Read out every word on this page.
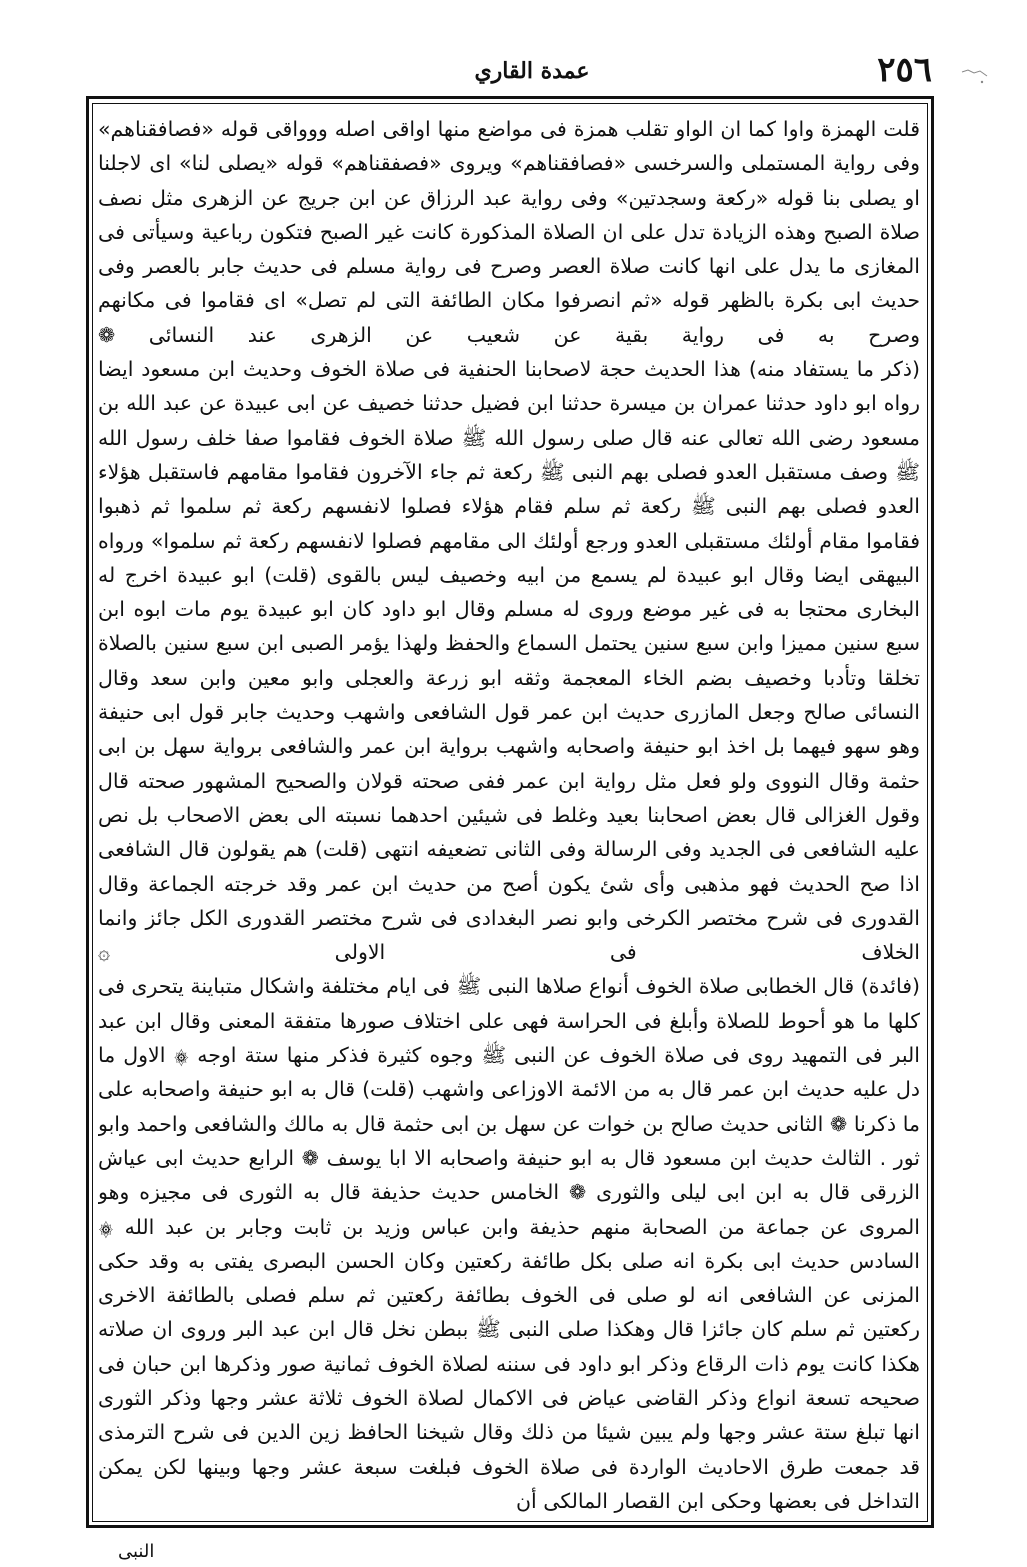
٢٥٦
عمدة القاري

قلت الهمزة واوا كما ان الواو تقلب همزة فى مواضع منها اواقى اصله ووواقى قوله «فصافقناهم» وفى رواية المستملى والسرخسى «فصافقناهم» ويروى «فصفقناهم» قوله «يصلى لنا» اى لاجلنا او يصلى بنا قوله «ركعة وسجدتين» وفى رواية عبد الرزاق عن ابن جريج عن الزهرى مثل نصف صلاة الصبح وهذه الزيادة تدل على ان الصلاة المذكورة كانت غير الصبح فتكون رباعية وسيأتى فى المغازى ما يدل على انها كانت صلاة العصر وصرح فى رواية مسلم فى حديث جابر بالعصر وفى حديث ابى بكرة بالظهر قوله «ثم انصرفوا مكان الطائفة التى لم تصل» اى فقاموا فى مكانهم وصرح به فى رواية بقية عن شعيب عن الزهرى عند النسائى ❁

(ذكر ما يستفاد منه) هذا الحديث حجة لاصحابنا الحنفية فى صلاة الخوف وحديث ابن مسعود ايضا رواه ابو داود حدثنا عمران بن ميسرة حدثنا ابن فضيل حدثنا خصيف عن ابى عبيدة عن عبد الله بن مسعود رضى الله تعالى عنه قال صلى رسول الله ﷺ صلاة الخوف فقاموا صفا خلف رسول الله ﷺ وصف مستقبل العدو فصلى بهم النبى ﷺ ركعة ثم جاء الآخرون فقاموا مقامهم فاستقبل هؤلاء العدو فصلى بهم النبى ﷺ ركعة ثم سلم فقام هؤلاء فصلوا لانفسهم ركعة ثم سلموا ثم ذهبوا فقاموا مقام أولئك مستقبلى العدو ورجع أولئك الى مقامهم فصلوا لانفسهم ركعة ثم سلموا» ورواه البيهقى ايضا وقال ابو عبيدة لم يسمع من ابيه وخصيف ليس بالقوى (قلت) ابو عبيدة اخرج له البخارى محتجا به فى غير موضع وروى له مسلم وقال ابو داود كان ابو عبيدة يوم مات ابوه ابن سبع سنين مميزا وابن سبع سنين يحتمل السماع والحفظ ولهذا يؤمر الصبى ابن سبع سنين بالصلاة تخلقا وتأدبا وخصيف بضم الخاء المعجمة وثقه ابو زرعة والعجلى وابو معين وابن سعد وقال النسائى صالح وجعل المازرى حديث ابن عمر قول الشافعى واشهب وحديث جابر قول ابى حنيفة وهو سهو فيهما بل اخذ ابو حنيفة واصحابه واشهب برواية ابن عمر والشافعى برواية سهل بن ابى حثمة وقال النووى ولو فعل مثل رواية ابن عمر ففى صحته قولان والصحيح المشهور صحته قال وقول الغزالى قال بعض اصحابنا بعيد وغلط فى شيئين احدهما نسبته الى بعض الاصحاب بل نص عليه الشافعى فى الجديد وفى الرسالة وفى الثانى تضعيفه انتهى (قلت) هم يقولون قال الشافعى اذا صح الحديث فهو مذهبى وأى شئ يكون أصح من حديث ابن عمر وقد خرجته الجماعة وقال القدورى فى شرح مختصر الكرخى وابو نصر البغدادى فى شرح مختصر القدورى الكل جائز وانما الخلاف فى الاولى ۞

(فائدة) قال الخطابى صلاة الخوف أنواع صلاها النبى ﷺ فى ايام مختلفة واشكال متباينة يتحرى فى كلها ما هو أحوط للصلاة وأبلغ فى الحراسة فهى على اختلاف صورها متفقة المعنى وقال ابن عبد البر فى التمهيد روى فى صلاة الخوف عن النبى ﷺ وجوه كثيرة فذكر منها ستة اوجه ۞ الاول ما دل عليه حديث ابن عمر قال به من الائمة الاوزاعى واشهب (قلت) قال به ابو حنيفة واصحابه على ما ذكرنا ❁ الثانى حديث صالح بن خوات عن سهل بن ابى حثمة قال به مالك والشافعى واحمد وابو ثور . الثالث حديث ابن مسعود قال به ابو حنيفة واصحابه الا ابا يوسف ❁ الرابع حديث ابى عياش الزرقى قال به ابن ابى ليلى والثورى ❁ الخامس حديث حذيفة قال به الثورى فى مجيزه وهو المروى عن جماعة من الصحابة منهم حذيفة وابن عباس وزيد بن ثابت وجابر بن عبد الله ۞ السادس حديث ابى بكرة انه صلى بكل طائفة ركعتين وكان الحسن البصرى يفتى به وقد حكى المزنى عن الشافعى انه لو صلى فى الخوف بطائفة ركعتين ثم سلم فصلى بالطائفة الاخرى ركعتين ثم سلم كان جائزا قال وهكذا صلى النبى ﷺ ببطن نخل قال ابن عبد البر وروى ان صلاته هكذا كانت يوم ذات الرقاع وذكر ابو داود فى سننه لصلاة الخوف ثمانية صور وذكرها ابن حبان فى صحيحه تسعة انواع وذكر القاضى عياض فى الاكمال لصلاة الخوف ثلاثة عشر وجها وذكر الثورى انها تبلغ ستة عشر وجها ولم يبين شيئا من ذلك وقال شيخنا الحافظ زين الدين فى شرح الترمذى قد جمعت طرق الاحاديث الواردة فى صلاة الخوف فبلغت سبعة عشر وجها وبينها لكن يمكن التداخل فى بعضها وحكى ابن القصار المالكى أن

النبى
